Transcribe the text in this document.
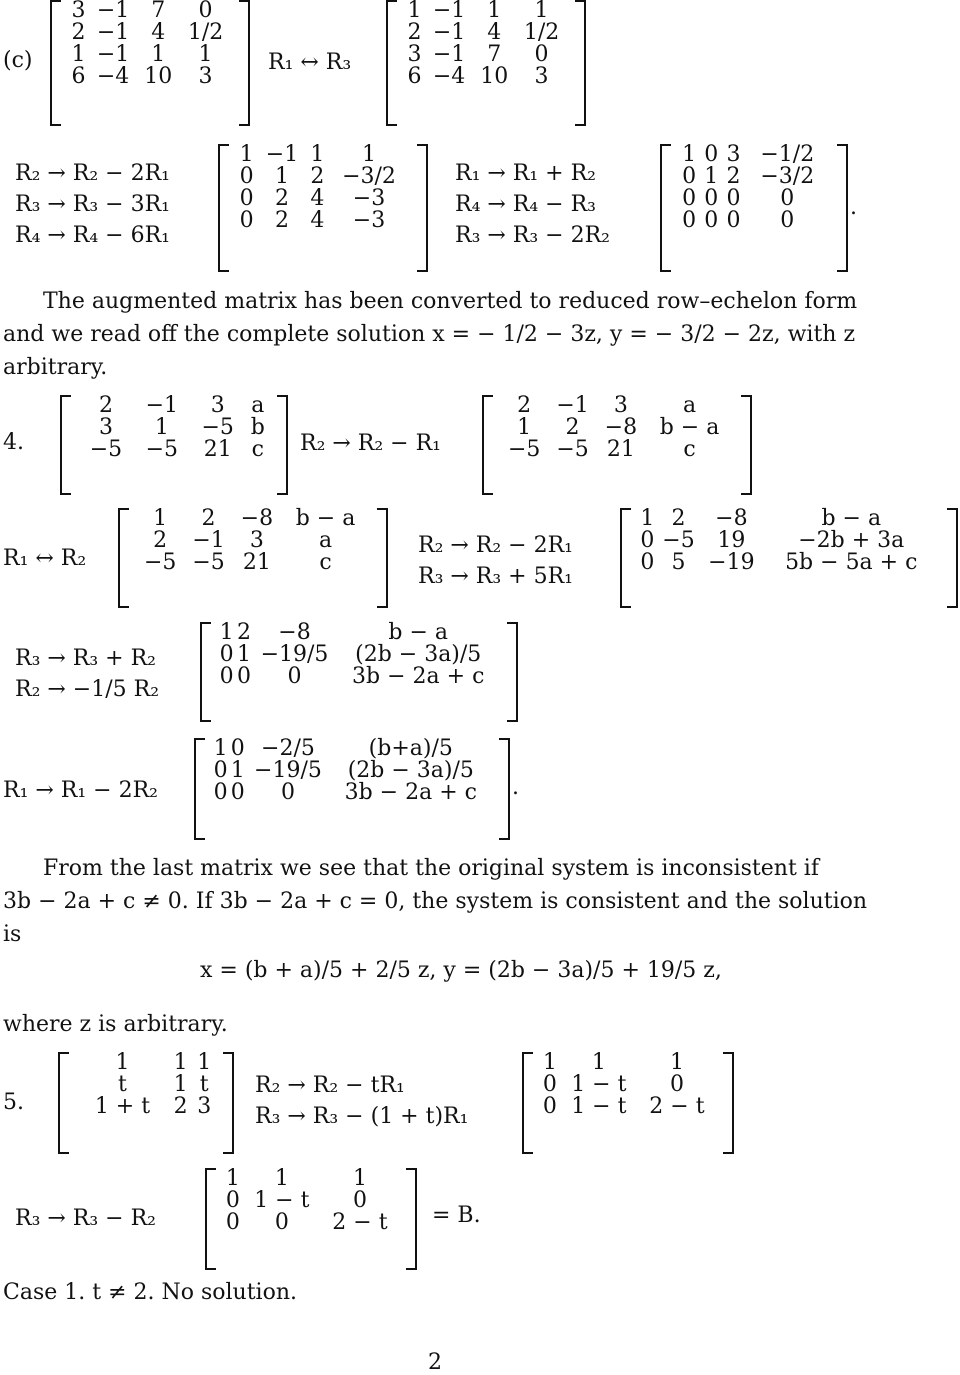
(c)
3	−1	7	0
2	−1	4	1/2
1	−1	1	1
6	−4	10	3
R₁ ↔ R₃
1	−1	1	1
2	−1	4	1/2
3	−1	7	0
6	−4	10	3
R₂ → R₂ − 2R₁
R₃ → R₃ − 3R₁
R₄ → R₄ − 6R₁
1	−1	1	1
0	1	2	−3/2
0	2	4	−3
0	2	4	−3
R₁ → R₁ + R₂
R₄ → R₄ − R₃
R₃ → R₃ − 2R₂
1	0	3	−1/2
0	1	2	−3/2
0	0	0	0
0	0	0	0
.
The augmented matrix has been converted to reduced row–echelon form
and we read off the complete solution x = − 1/2 − 3z, y = − 3/2 − 2z, with z
arbitrary.
4.
2	−1	3	a
3	1	−5	b
−5	−5	21	c R₂ → R₂ − R₁
2	−1	3	a
1	2	−8	b − a
−5	−5	21	c
R₁ ↔ R₂
1	2	−8	b − a
2	−1	3	a
−5	−5	21	c
R₂ → R₂ − 2R₁
R₃ → R₃ + 5R₁
1	2	−8	b − a
0	−5	19	−2b + 3a
0	5	−19	5b − 5a + c
R₃ → R₃ + R₂
R₂ → −1/5 R₂
1	2	−8	b − a
0	1	−19/5	(2b − 3a)/5
0	0	0	3b − 2a + c
R₁ → R₁ − 2R₂
1	0	−2/5	(b+a)/5
0	1	−19/5	(2b − 3a)/5
0	0	0	3b − 2a + c .
From the last matrix we see that the original system is inconsistent if
3b − 2a + c ≠ 0. If 3b − 2a + c = 0, the system is consistent and the solution
is
x = (b + a)/5 + 2/5 z, y = (2b − 3a)/5 + 19/5 z,
where z is arbitrary.
5.
1	1	1
t	1	t
1 + t	2	3
R₂ → R₂ − tR₁
R₃ → R₃ − (1 + t)R₁
1	1	1
0	1 − t	0
0	1 − t	2 − t
R₃ → R₃ − R₂
1	1	1
0	1 − t	0
0	0	2 − t = B.
Case 1. t ≠ 2. No solution.
2
